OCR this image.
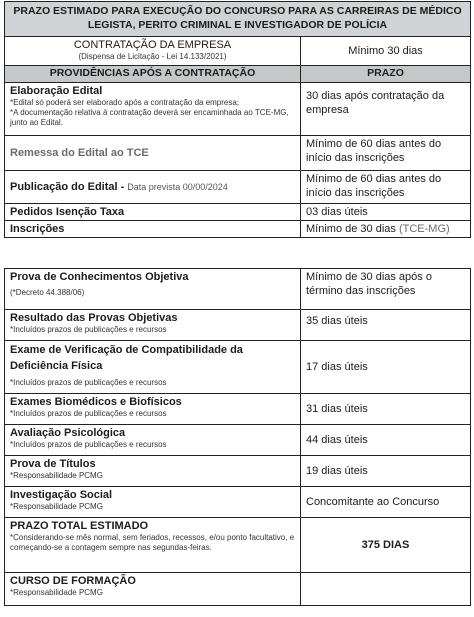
PRAZO ESTIMADO PARA EXECUÇÃO DO CONCURSO PARA AS CARREIRAS DE MÉDICO
LEGISTA, PERITO CRIMINAL E INVESTIGADOR DE POLÍCIA	

CONTRATAÇÃO DA EMPRESA
(Dispensa de Licitação - Lei 14.133/2021)	Mínimo 30 dias
PROVIDÊNCIAS APÓS A CONTRATAÇÃO	PRAZO

Elaboração Edital
*Edital só poderá ser elaborado após a contratação da empresa;
*A documentação relativa à contratação deverá ser encaminhada ao TCE-MG, junto ao Edital.	30 dias após contratação da empresa
Remessa do Edital ao TCE	Mínimo de 60 dias antes do início das inscrições
Publicação do Edital - Data prevista 00/00/2024	Mínimo de 60 dias antes do início das inscrições
Pedidos Isenção Taxa	03 dias úteis
Inscrições	Mínimo de 30 dias (TCE-MG)
Prova de Conhecimentos Objetiva
(*Decreto 44.388/06)	Mínimo de 30 dias após o término das inscrições

Resultado das Provas Objetivas
*Incluídos prazos de publicações e recursos	35 dias úteis

Exame de Verificação de Compatibilidade da Deficiência Física
*Incluídos prazos de publicações e recursos	17 dias úteis

Exames Biomédicos e Biofísicos
*Incluídos prazos de publicações e recursos	31 dias úteis

Avaliação Psicológica
*Incluídos prazos de publicações e recursos	44 dias úteis

Prova de Títulos
*Responsabilidade PCMG	19 dias úteis

Investigação Social
*Responsabilidade PCMG	Concomitante ao Concurso

PRAZO TOTAL ESTIMADO
*Considerando-se mês normal, sem feriados, recessos, e/ou ponto facultativo, e começando-se a contagem sempre nas segundas-feiras.	375 DIAS

CURSO DE FORMAÇÃO
*Responsabilidade PCMG	
